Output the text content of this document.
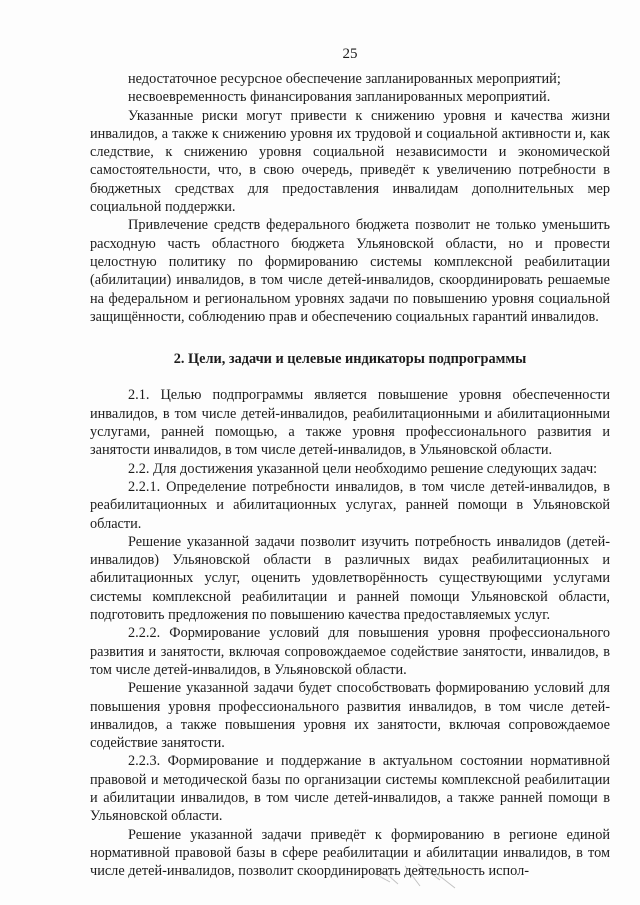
25

недостаточное ресурсное обеспечение запланированных мероприятий;

несвоевременность финансирования запланированных мероприятий.

Указанные риски могут привести к снижению уровня и качества жизни инвалидов, а также к снижению уровня их трудовой и социальной активности и, как следствие, к снижению уровня социальной независимости и экономической самостоятельности, что, в свою очередь, приведёт к увеличению потребности в бюджетных средствах для предоставления инвалидам дополнительных мер социальной поддержки.

Привлечение средств федерального бюджета позволит не только уменьшить расходную часть областного бюджета Ульяновской области, но и провести целостную политику по формированию системы комплексной реабилитации (абилитации) инвалидов, в том числе детей-инвалидов, скоординировать решаемые на федеральном и региональном уровнях задачи по повышению уровня социальной защищённости, соблюдению прав и обеспечению социальных гарантий инвалидов.

2. Цели, задачи и целевые индикаторы подпрограммы

2.1. Целью подпрограммы является повышение уровня обеспеченности инвалидов, в том числе детей-инвалидов, реабилитационными и абилитационными услугами, ранней помощью, а также уровня профессионального развития и занятости инвалидов, в том числе детей-инвалидов, в Ульяновской области.

2.2. Для достижения указанной цели необходимо решение следующих задач:

2.2.1. Определение потребности инвалидов, в том числе детей-инвалидов, в реабилитационных и абилитационных услугах, ранней помощи в Ульяновской области.

Решение указанной задачи позволит изучить потребность инвалидов (детей-инвалидов) Ульяновской области в различных видах реабилитационных и абилитационных услуг, оценить удовлетворённость существующими услугами системы комплексной реабилитации и ранней помощи Ульяновской области, подготовить предложения по повышению качества предоставляемых услуг.

2.2.2. Формирование условий для повышения уровня профессионального развития и занятости, включая сопровождаемое содействие занятости, инвалидов, в том числе детей-инвалидов, в Ульяновской области.

Решение указанной задачи будет способствовать формированию условий для повышения уровня профессионального развития инвалидов, в том числе детей-инвалидов, а также повышения уровня их занятости, включая сопровождаемое содействие занятости.

2.2.3. Формирование и поддержание в актуальном состоянии нормативной правовой и методической базы по организации системы комплексной реабилитации и абилитации инвалидов, в том числе детей-инвалидов, а также ранней помощи в Ульяновской области.

Решение указанной задачи приведёт к формированию в регионе единой нормативной правовой базы в сфере реабилитации и абилитации инвалидов, в том числе детей-инвалидов, позволит скоординировать деятельность испол-
